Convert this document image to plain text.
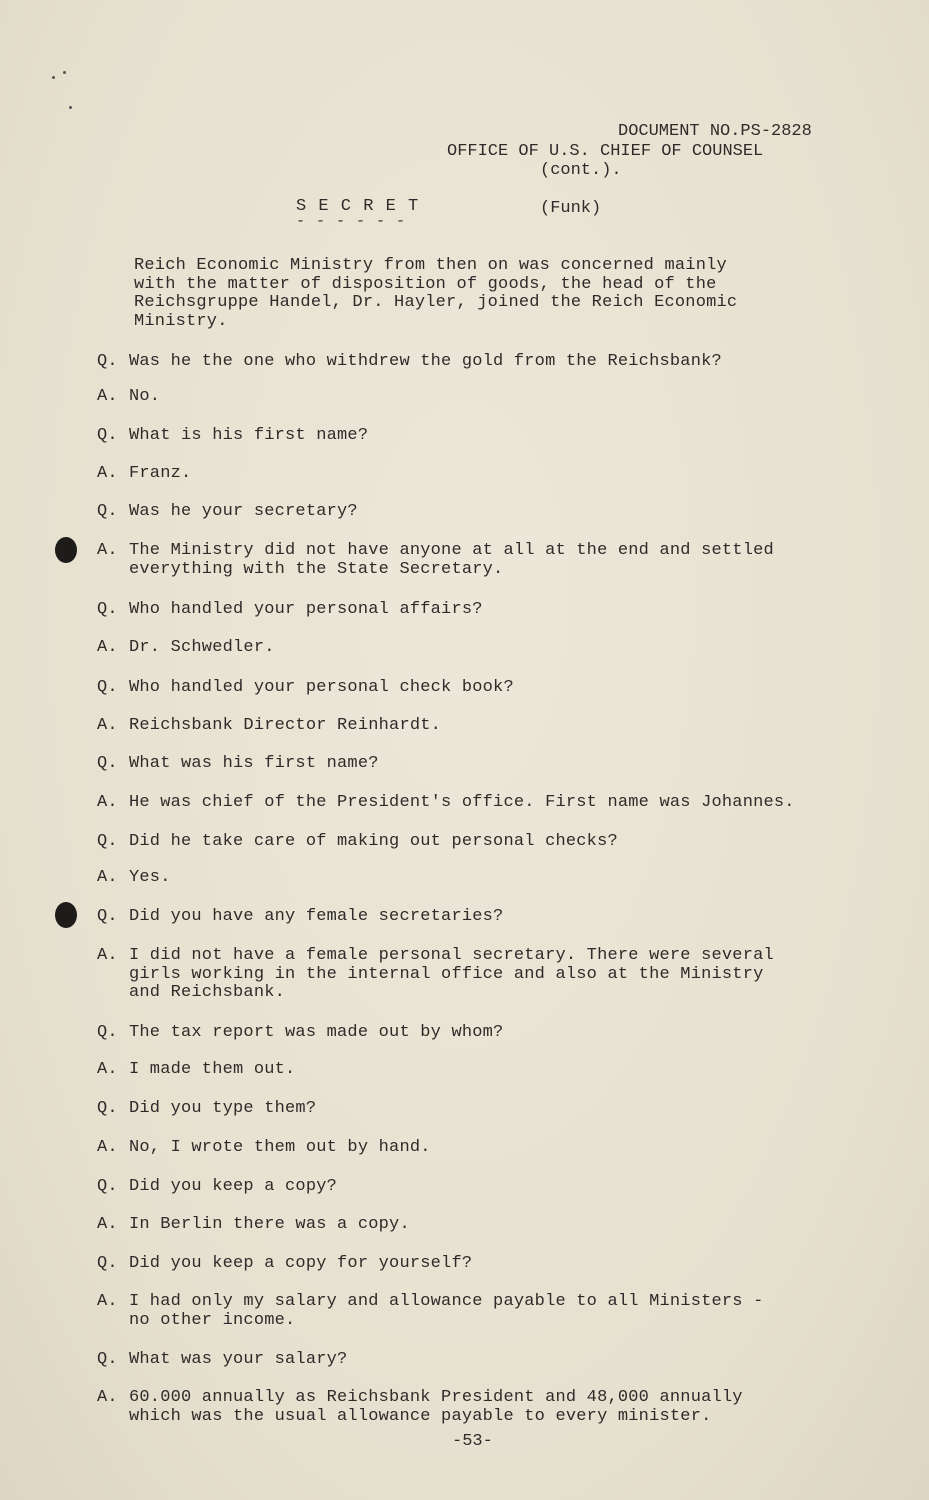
DOCUMENT NO.PS-2828
OFFICE OF U.S. CHIEF OF COUNSEL
(cont.).
S E C R E T
- - - - - -
(Funk)
Reich Economic Ministry from then on was concerned mainly
with the matter of disposition of goods, the head of the
Reichsgruppe Handel, Dr. Hayler, joined the Reich Economic
Ministry.
Q. Was he the one who withdrew the gold from the Reichsbank?
A. No.
Q. What is his first name?
A. Franz.
Q. Was he your secretary?
A. The Ministry did not have anyone at all at the end and settled
everything with the State Secretary.
Q. Who handled your personal affairs?
A. Dr. Schwedler.
Q. Who handled your personal check book?
A. Reichsbank Director Reinhardt.
Q. What was his first name?
A. He was chief of the President's office. First name was Johannes.
Q. Did he take care of making out personal checks?
A. Yes.
Q. Did you have any female secretaries?
A. I did not have a female personal secretary. There were several
girls working in the internal office and also at the Ministry
and Reichsbank.
Q. The tax report was made out by whom?
A. I made them out.
Q. Did you type them?
A. No, I wrote them out by hand.
Q. Did you keep a copy?
A. In Berlin there was a copy.
Q. Did you keep a copy for yourself?
A. I had only my salary and allowance payable to all Ministers -
no other income.
Q. What was your salary?
A. 60.000 annually as Reichsbank President and 48,000 annually
which was the usual allowance payable to every minister.
-53-
